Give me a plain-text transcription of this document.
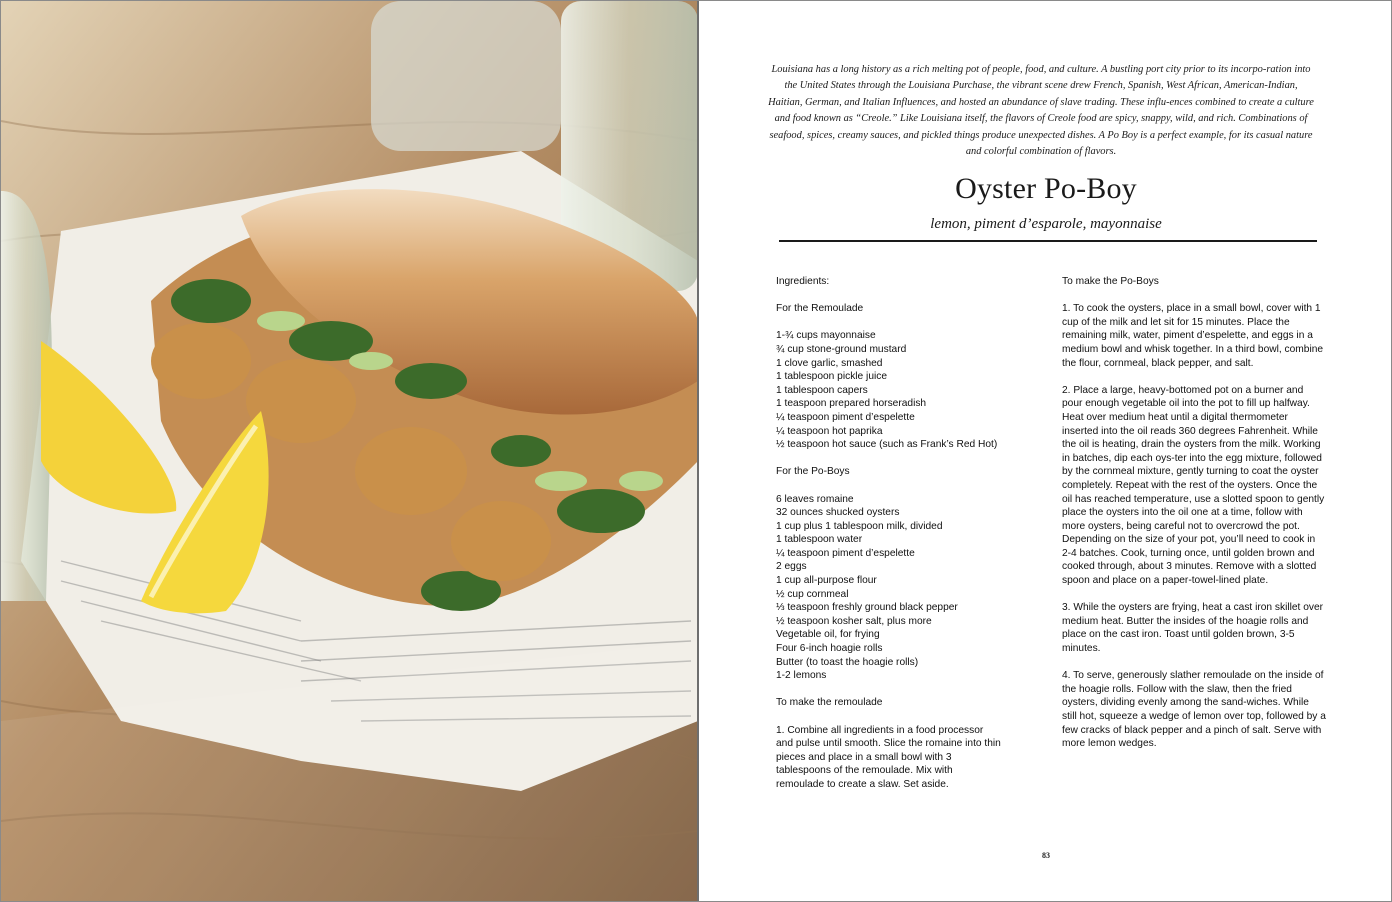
Louisiana has a long history as a rich melting pot of people, food, and culture. A bustling port city prior to its incorpo-ration into the United States through the Louisiana Purchase, the vibrant scene drew French, Spanish, West African, American-Indian, Haitian, German, and Italian Influences, and hosted an abundance of slave trading. These influ-ences combined to create a culture and food known as “Creole.” Like Louisiana itself, the flavors of Creole food are spicy, snappy, wild, and rich. Combinations of seafood, spices, creamy sauces, and pickled things produce unexpected dishes. A Po Boy is a perfect example, for its casual nature and colorful combination of flavors.

Oyster Po-Boy
lemon, piment d’esparole, mayonnaise

Ingredients:

For the Remoulade

1-¾ cups mayonnaise
¾ cup stone-ground mustard
1 clove garlic, smashed
1 tablespoon pickle juice
1 tablespoon capers
1 teaspoon prepared horseradish
¼ teaspoon piment d’espelette
¼ teaspoon hot paprika
½ teaspoon hot sauce (such as Frank’s Red Hot)

For the Po-Boys

6 leaves romaine
32 ounces shucked oysters
1 cup plus 1 tablespoon milk, divided
1 tablespoon water
¼ teaspoon piment d’espelette
2 eggs
1 cup all-purpose flour
½ cup cornmeal
⅓ teaspoon freshly ground black pepper
½ teaspoon kosher salt, plus more
Vegetable oil, for frying
Four 6-inch hoagie rolls
Butter (to toast the hoagie rolls)
1-2 lemons

To make the remoulade

1. Combine all ingredients in a food processor and pulse until smooth. Slice the romaine into thin pieces and place in a small bowl with 3 tablespoons of the remoulade. Mix with remoulade to create a slaw. Set aside.

To make the Po-Boys

1. To cook the oysters, place in a small bowl, cover with 1 cup of the milk and let sit for 15 minutes. Place the remaining milk, water, piment d’espelette, and eggs in a medium bowl and whisk together. In a third bowl, combine the flour, cornmeal, black pepper, and salt.

2. Place a large, heavy-bottomed pot on a burner and pour enough vegetable oil into the pot to fill up halfway. Heat over medium heat until a digital thermometer inserted into the oil reads 360 degrees Fahrenheit. While the oil is heating, drain the oysters from the milk. Working in batches, dip each oys-ter into the egg mixture, followed by the cornmeal mixture, gently turning to coat the oyster completely. Repeat with the rest of the oysters. Once the oil has reached temperature, use a slotted spoon to gently place the oysters into the oil one at a time, follow with more oysters, being careful not to overcrowd the pot. Depending on the size of your pot, you’ll need to cook in 2-4 batches. Cook, turning once, until golden brown and cooked through, about 3 minutes. Remove with a slotted spoon and place on a paper-towel-lined plate.

3. While the oysters are frying, heat a cast iron skillet over medium heat. Butter the insides of the hoagie rolls and place on the cast iron. Toast until golden brown, 3-5 minutes.

4. To serve, generously slather remoulade on the inside of the hoagie rolls. Follow with the slaw, then the fried oysters, dividing evenly among the sand-wiches. While still hot, squeeze a wedge of lemon over top, followed by a few cracks of black pepper and a pinch of salt. Serve with more lemon wedges.

83
